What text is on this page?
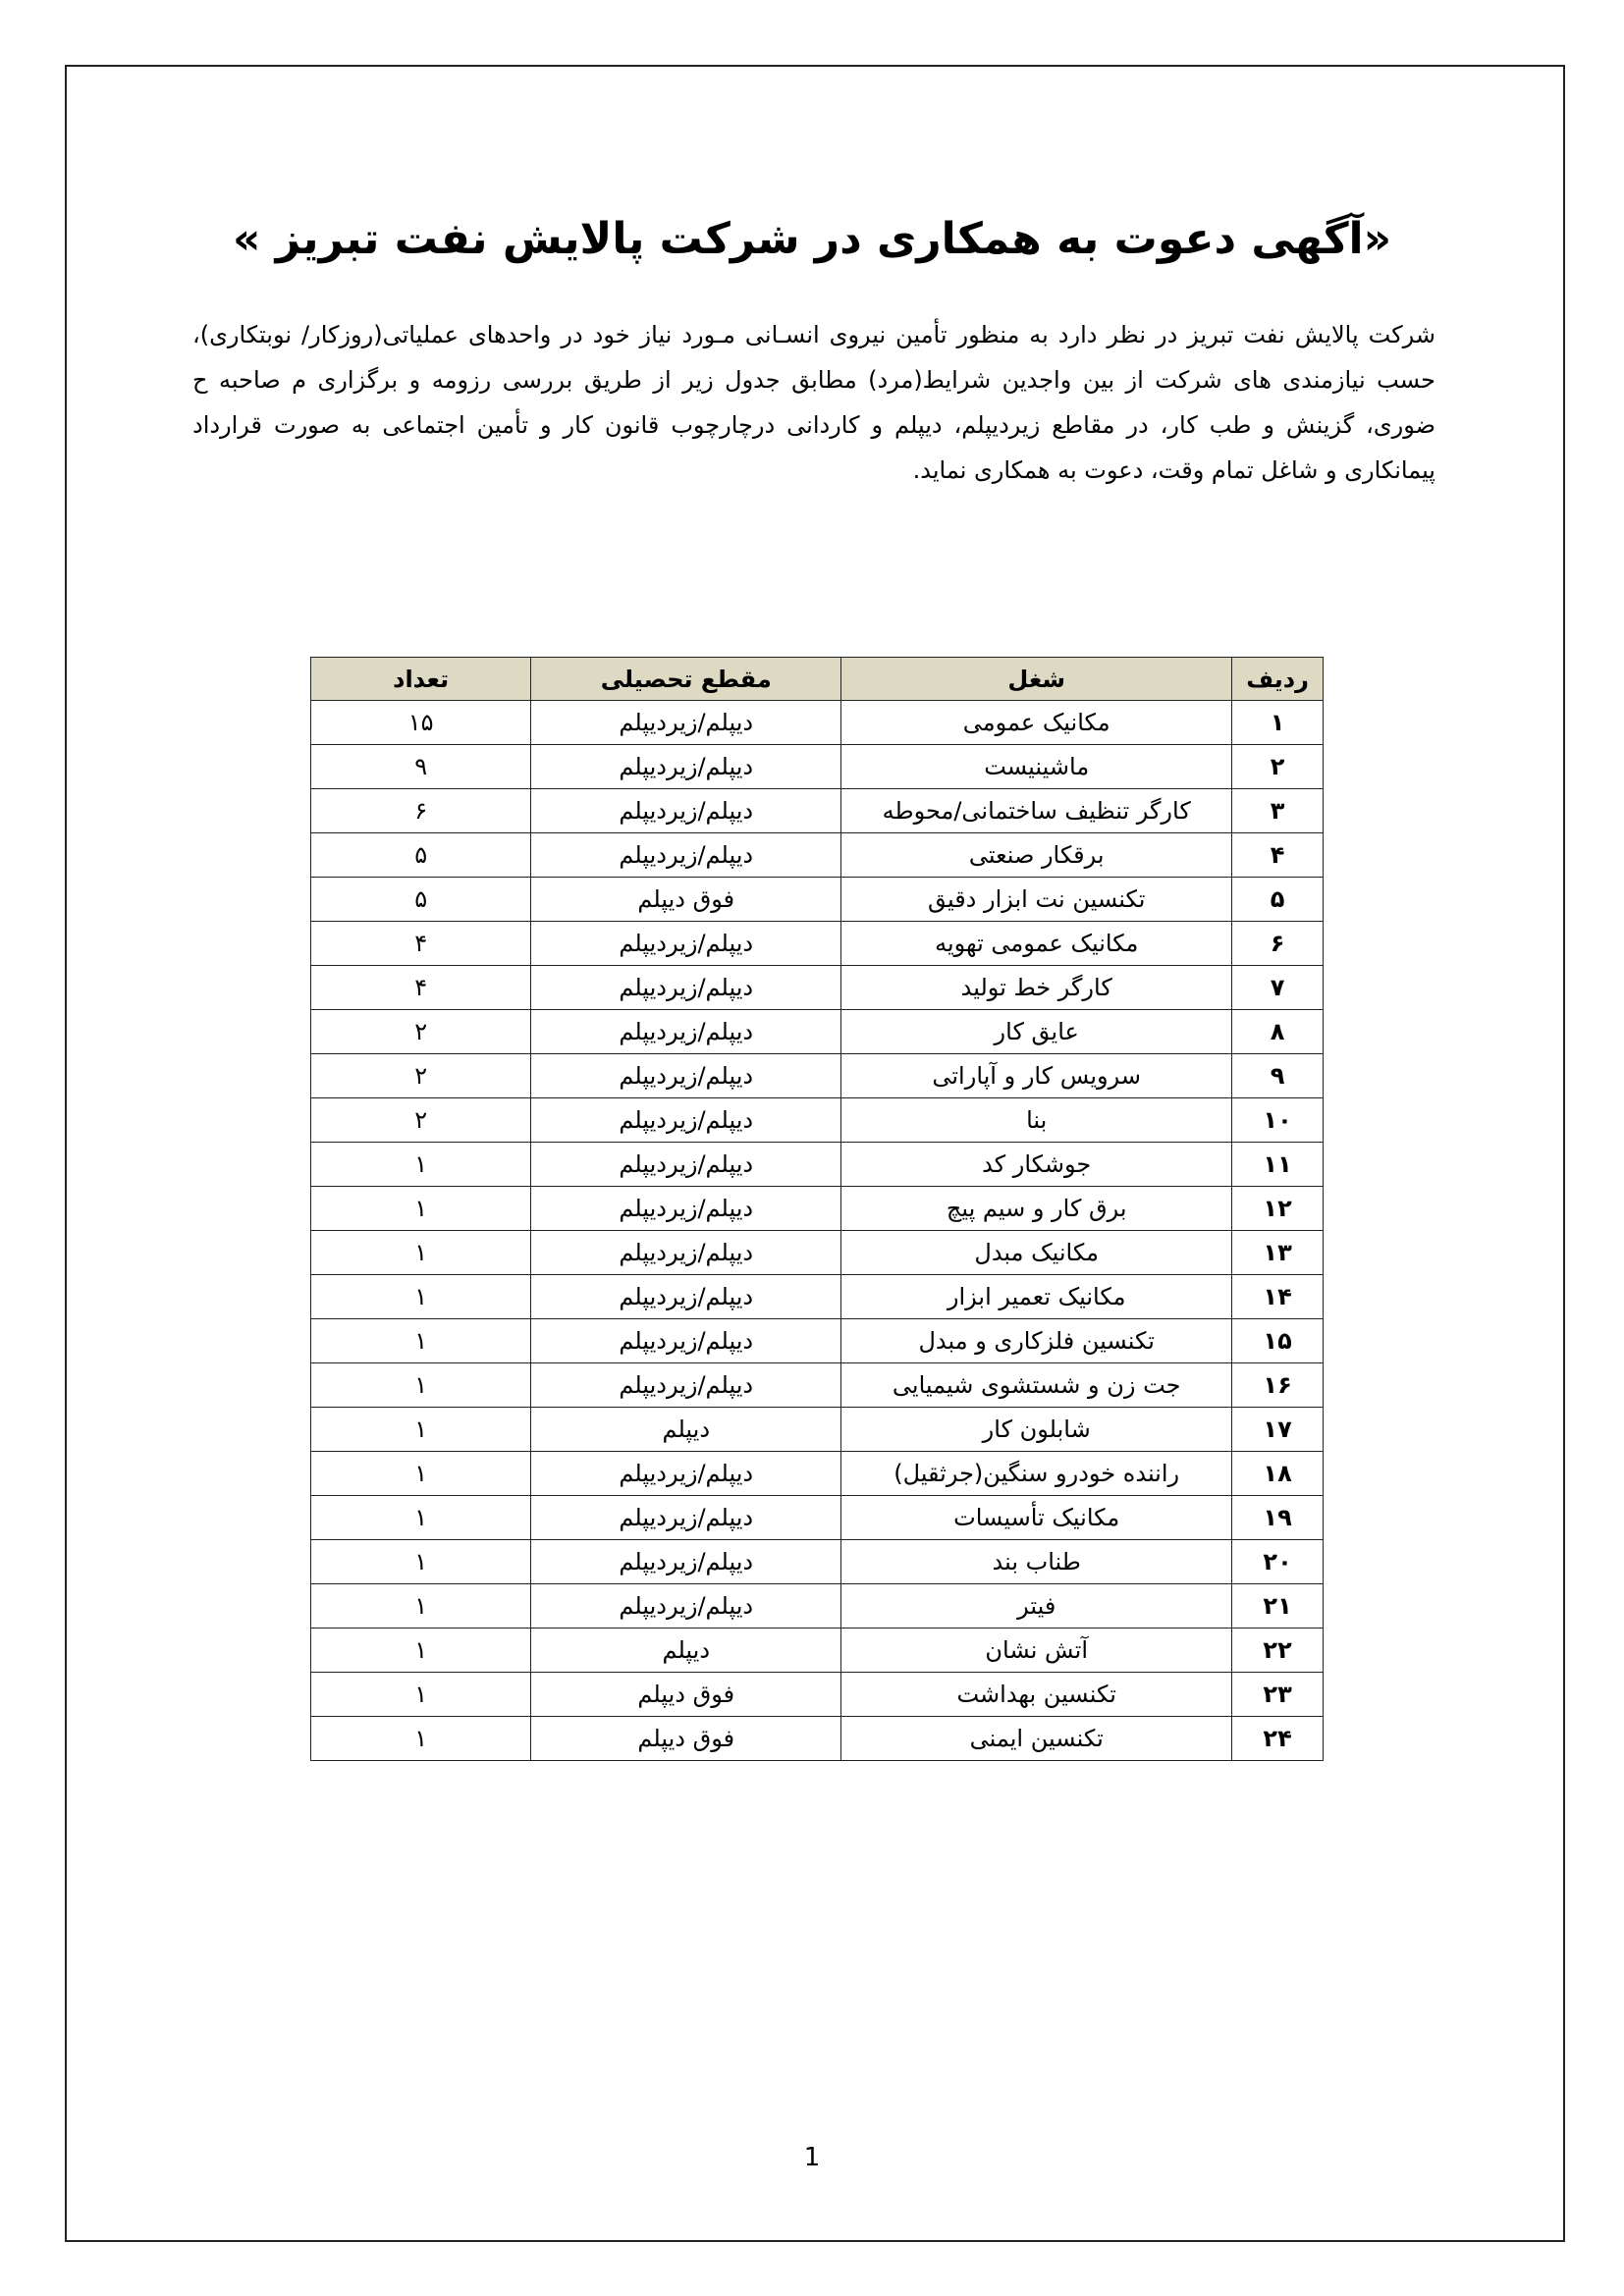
«آگهی دعوت به همکاری در شرکت پالایش نفت تبریز »

شرکت پالایش نفت تبریز در نظر دارد به منظور تأمین نیروی انسـانی مـورد نیاز خود در واحدهای عملیاتی(روزکار/ نوبتکاری)، حسب نیازمندی های شرکت از بین واجدین شرایط(مرد) مطابق جدول زیر از طریق بررسی رزومه و برگزاری م صاحبه ح ضوری، گزینش و طب کار، در مقاطع زیردیپلم، دیپلم و کاردانی درچارچوب قانون کار و تأمین اجتماعی به صورت قرارداد پیمانکاری و شاغل تمام وقت، دعوت به همکاری نماید.

ردیف	شغل	مقطع تحصیلی	تعداد
۱	مکانیک عمومی	دیپلم/زیردیپلم	۱۵
۲	ماشینیست	دیپلم/زیردیپلم	۹
۳	کارگر تنظیف ساختمانی/محوطه	دیپلم/زیردیپلم	۶
۴	برقکار صنعتی	دیپلم/زیردیپلم	۵
۵	تکنسین نت ابزار دقیق	فوق دیپلم	۵
۶	مکانیک عمومی تهویه	دیپلم/زیردیپلم	۴
۷	کارگر خط تولید	دیپلم/زیردیپلم	۴
۸	عایق کار	دیپلم/زیردیپلم	۲
۹	سرویس کار و آپاراتی	دیپلم/زیردیپلم	۲
۱۰	بنا	دیپلم/زیردیپلم	۲
۱۱	جوشکار کد	دیپلم/زیردیپلم	۱
۱۲	برق کار و سیم پیچ	دیپلم/زیردیپلم	۱
۱۳	مکانیک مبدل	دیپلم/زیردیپلم	۱
۱۴	مکانیک تعمیر ابزار	دیپلم/زیردیپلم	۱
۱۵	تکنسین فلزکاری و مبدل	دیپلم/زیردیپلم	۱
۱۶	جت زن و شستشوی شیمیایی	دیپلم/زیردیپلم	۱
۱۷	شابلون کار	دیپلم	۱
۱۸	راننده خودرو سنگین(جرثقیل)	دیپلم/زیردیپلم	۱
۱۹	مکانیک تأسیسات	دیپلم/زیردیپلم	۱
۲۰	طناب بند	دیپلم/زیردیپلم	۱
۲۱	فیتر	دیپلم/زیردیپلم	۱
۲۲	آتش نشان	دیپلم	۱
۲۳	تکنسین بهداشت	فوق دیپلم	۱
۲۴	تکنسین ایمنی	فوق دیپلم	۱
1
